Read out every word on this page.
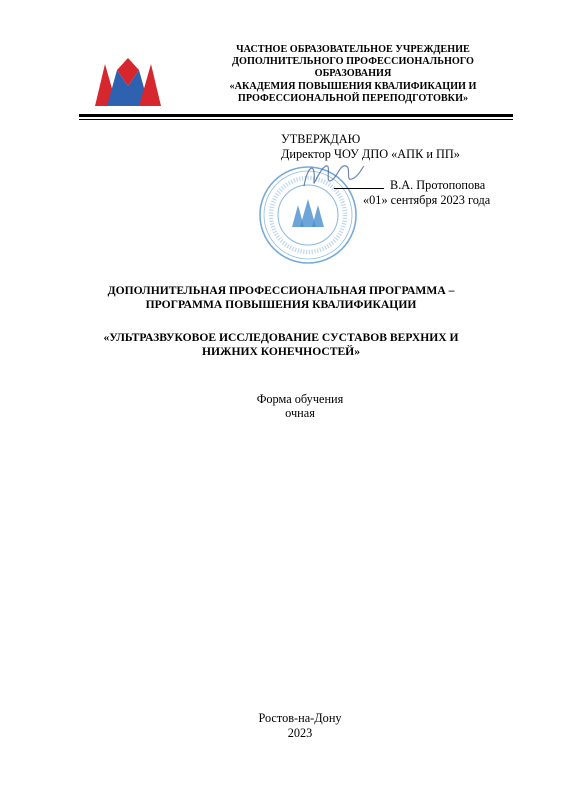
ЧАСТНОЕ ОБРАЗОВАТЕЛЬНОЕ УЧРЕЖДЕНИЕ
ДОПОЛНИТЕЛЬНОГО ПРОФЕССИОНАЛЬНОГО
ОБРАЗОВАНИЯ
«АКАДЕМИЯ ПОВЫШЕНИЯ КВАЛИФИКАЦИИ И
ПРОФЕССИОНАЛЬНОЙ ПЕРЕПОДГОТОВКИ»
УТВЕРЖДАЮ
Директор ЧОУ ДПО «АПК и ПП»
В.А. Протопопова
«01» сентября 2023 года
ДОПОЛНИТЕЛЬНАЯ ПРОФЕССИОНАЛЬНАЯ ПРОГРАММА –
ПРОГРАММА ПОВЫШЕНИЯ КВАЛИФИКАЦИИ
«УЛЬТРАЗВУКОВОЕ ИССЛЕДОВАНИЕ СУСТАВОВ ВЕРХНИХ И
НИЖНИХ КОНЕЧНОСТЕЙ»
Форма обучения
очная
Ростов-на-Дону
2023
